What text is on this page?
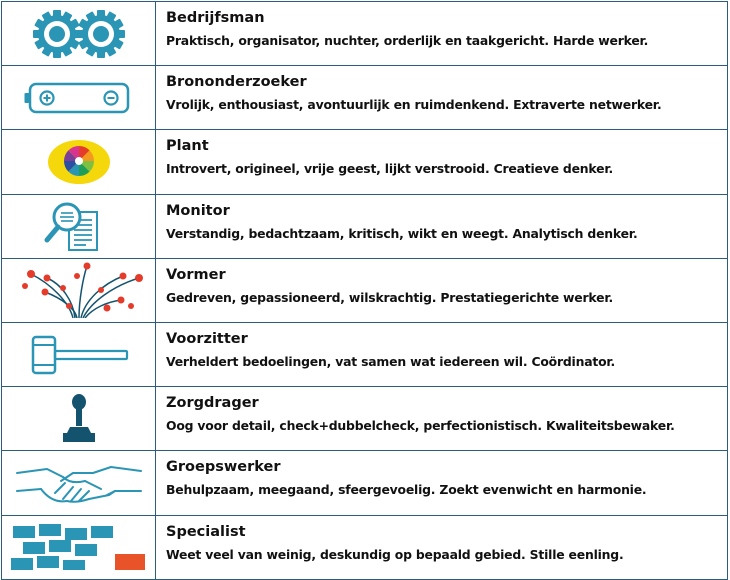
Bedrijfsman
Praktisch, organisator, nuchter, orderlijk en taakgericht. Harde werker.

Brononderzoeker
Vrolijk, enthousiast, avontuurlijk en ruimdenkend. Extraverte netwerker.

Plant
Introvert, origineel, vrije geest, lijkt verstrooid. Creatieve denker.

Monitor
Verstandig, bedachtzaam, kritisch, wikt en weegt. Analytisch denker.

Vormer
Gedreven, gepassioneerd, wilskrachtig. Prestatiegerichte werker.

Voorzitter
Verheldert bedoelingen, vat samen wat iedereen wil. Coördinator.

Zorgdrager
Oog voor detail, check+dubbelcheck, perfectionistisch. Kwaliteitsbewaker.

Groepswerker
Behulpzaam, meegaand, sfeergevoelig. Zoekt evenwicht en harmonie.

Specialist
Weet veel van weinig, deskundig op bepaald gebied. Stille eenling.
